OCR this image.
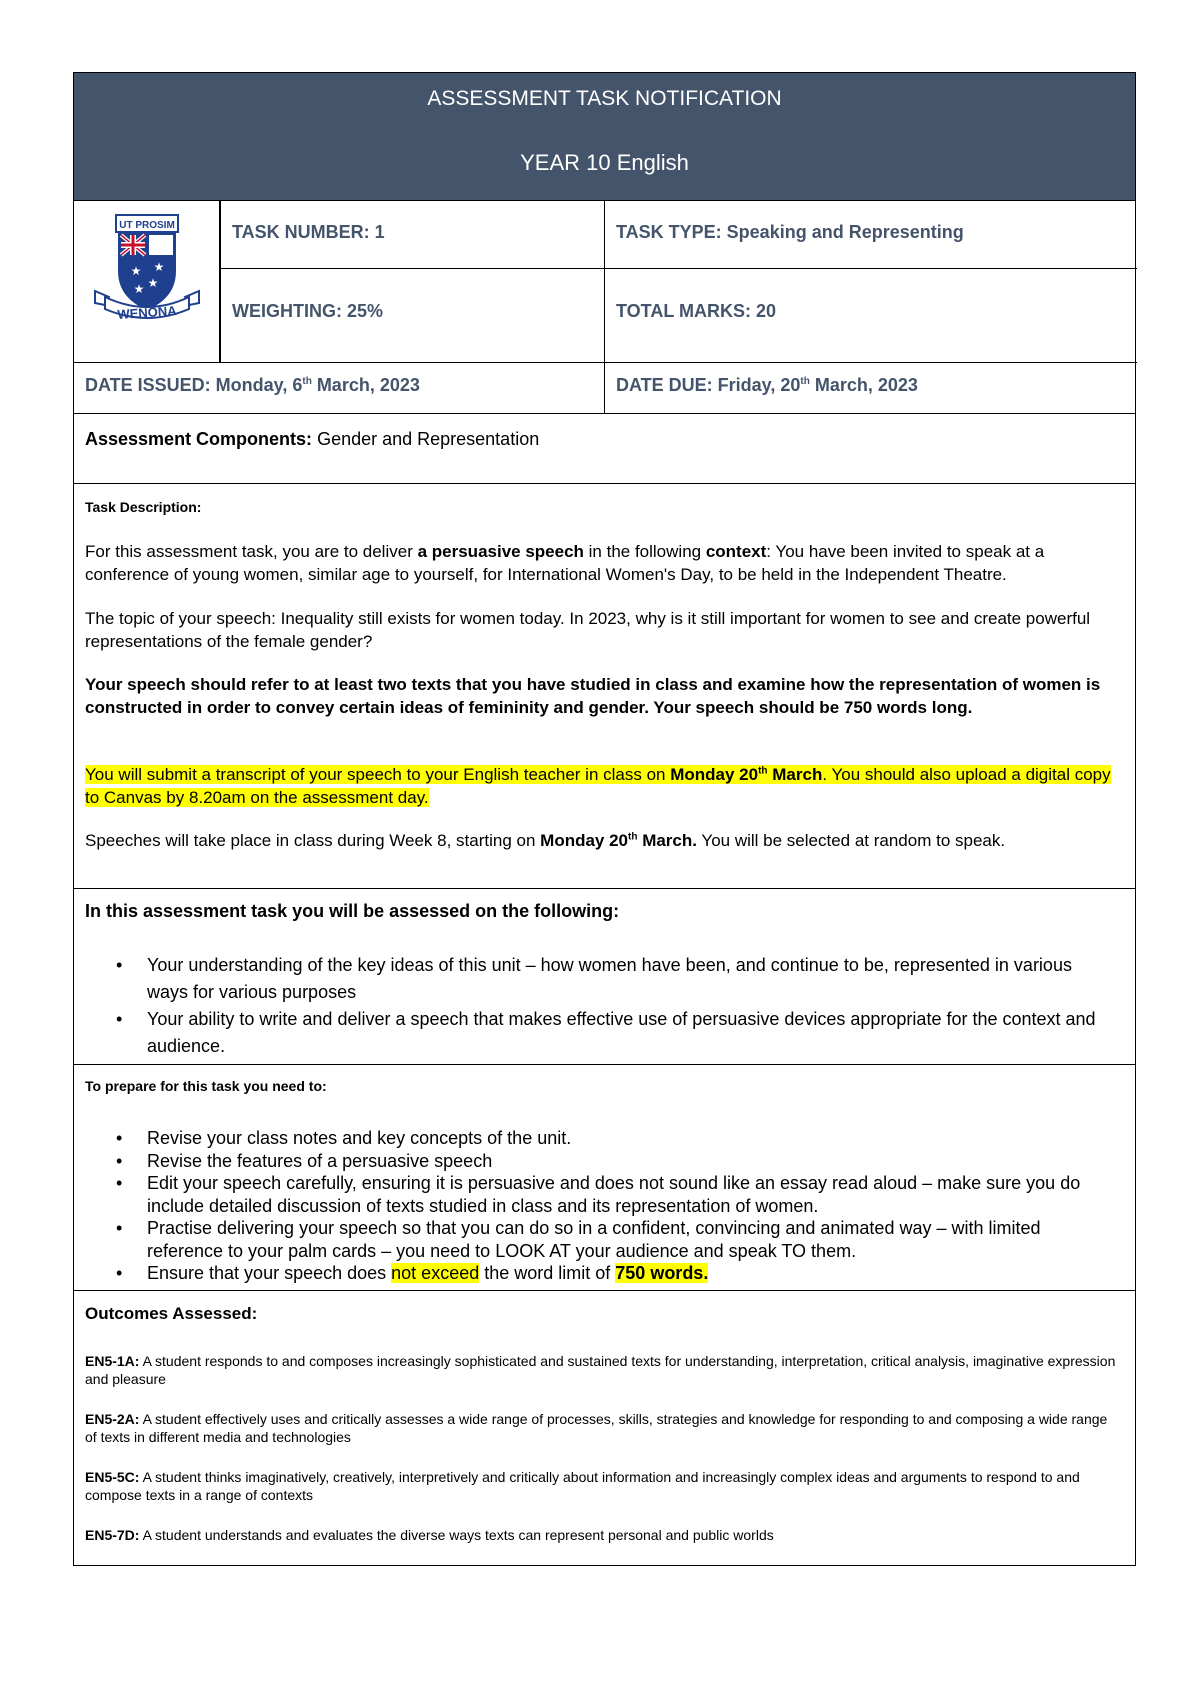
ASSESSMENT TASK NOTIFICATION
YEAR 10 English
UT PROSIM
★ ★
★
★
WENONA
TASK NUMBER: 1	TASK TYPE: Speaking and Representing
WEIGHTING: 25%	TOTAL MARKS: 20
DATE ISSUED: Monday, 6th March, 2023	DATE DUE: Friday, 20th March, 2023
Assessment Components: Gender and Representation
Task Description:
For this assessment task, you are to deliver a persuasive speech in the following context: You have been invited to speak at a conference of young women, similar age to yourself, for International Women's Day, to be held in the Independent Theatre.
The topic of your speech: Inequality still exists for women today. In 2023, why is it still important for women to see and create powerful representations of the female gender?
Your speech should refer to at least two texts that you have studied in class and examine how the representation of women is constructed in order to convey certain ideas of femininity and gender. Your speech should be 750 words long.
You will submit a transcript of your speech to your English teacher in class on Monday 20th March. You should also upload a digital copy to Canvas by 8.20am on the assessment day.
Speeches will take place in class during Week 8, starting on Monday 20th March. You will be selected at random to speak.
In this assessment task you will be assessed on the following:
• Your understanding of the key ideas of this unit – how women have been, and continue to be, represented in various ways for various purposes
• Your ability to write and deliver a speech that makes effective use of persuasive devices appropriate for the context and audience.
To prepare for this task you need to:
• Revise your class notes and key concepts of the unit.
• Revise the features of a persuasive speech
• Edit your speech carefully, ensuring it is persuasive and does not sound like an essay read aloud – make sure you do include detailed discussion of texts studied in class and its representation of women.
• Practise delivering your speech so that you can do so in a confident, convincing and animated way – with limited reference to your palm cards – you need to LOOK AT your audience and speak TO them.
• Ensure that your speech does not exceed the word limit of 750 words.
Outcomes Assessed:
EN5-1A: A student responds to and composes increasingly sophisticated and sustained texts for understanding, interpretation, critical analysis, imaginative expression and pleasure
EN5-2A: A student effectively uses and critically assesses a wide range of processes, skills, strategies and knowledge for responding to and composing a wide range of texts in different media and technologies
EN5-5C: A student thinks imaginatively, creatively, interpretively and critically about information and increasingly complex ideas and arguments to respond to and compose texts in a range of contexts
EN5-7D: A student understands and evaluates the diverse ways texts can represent personal and public worlds
